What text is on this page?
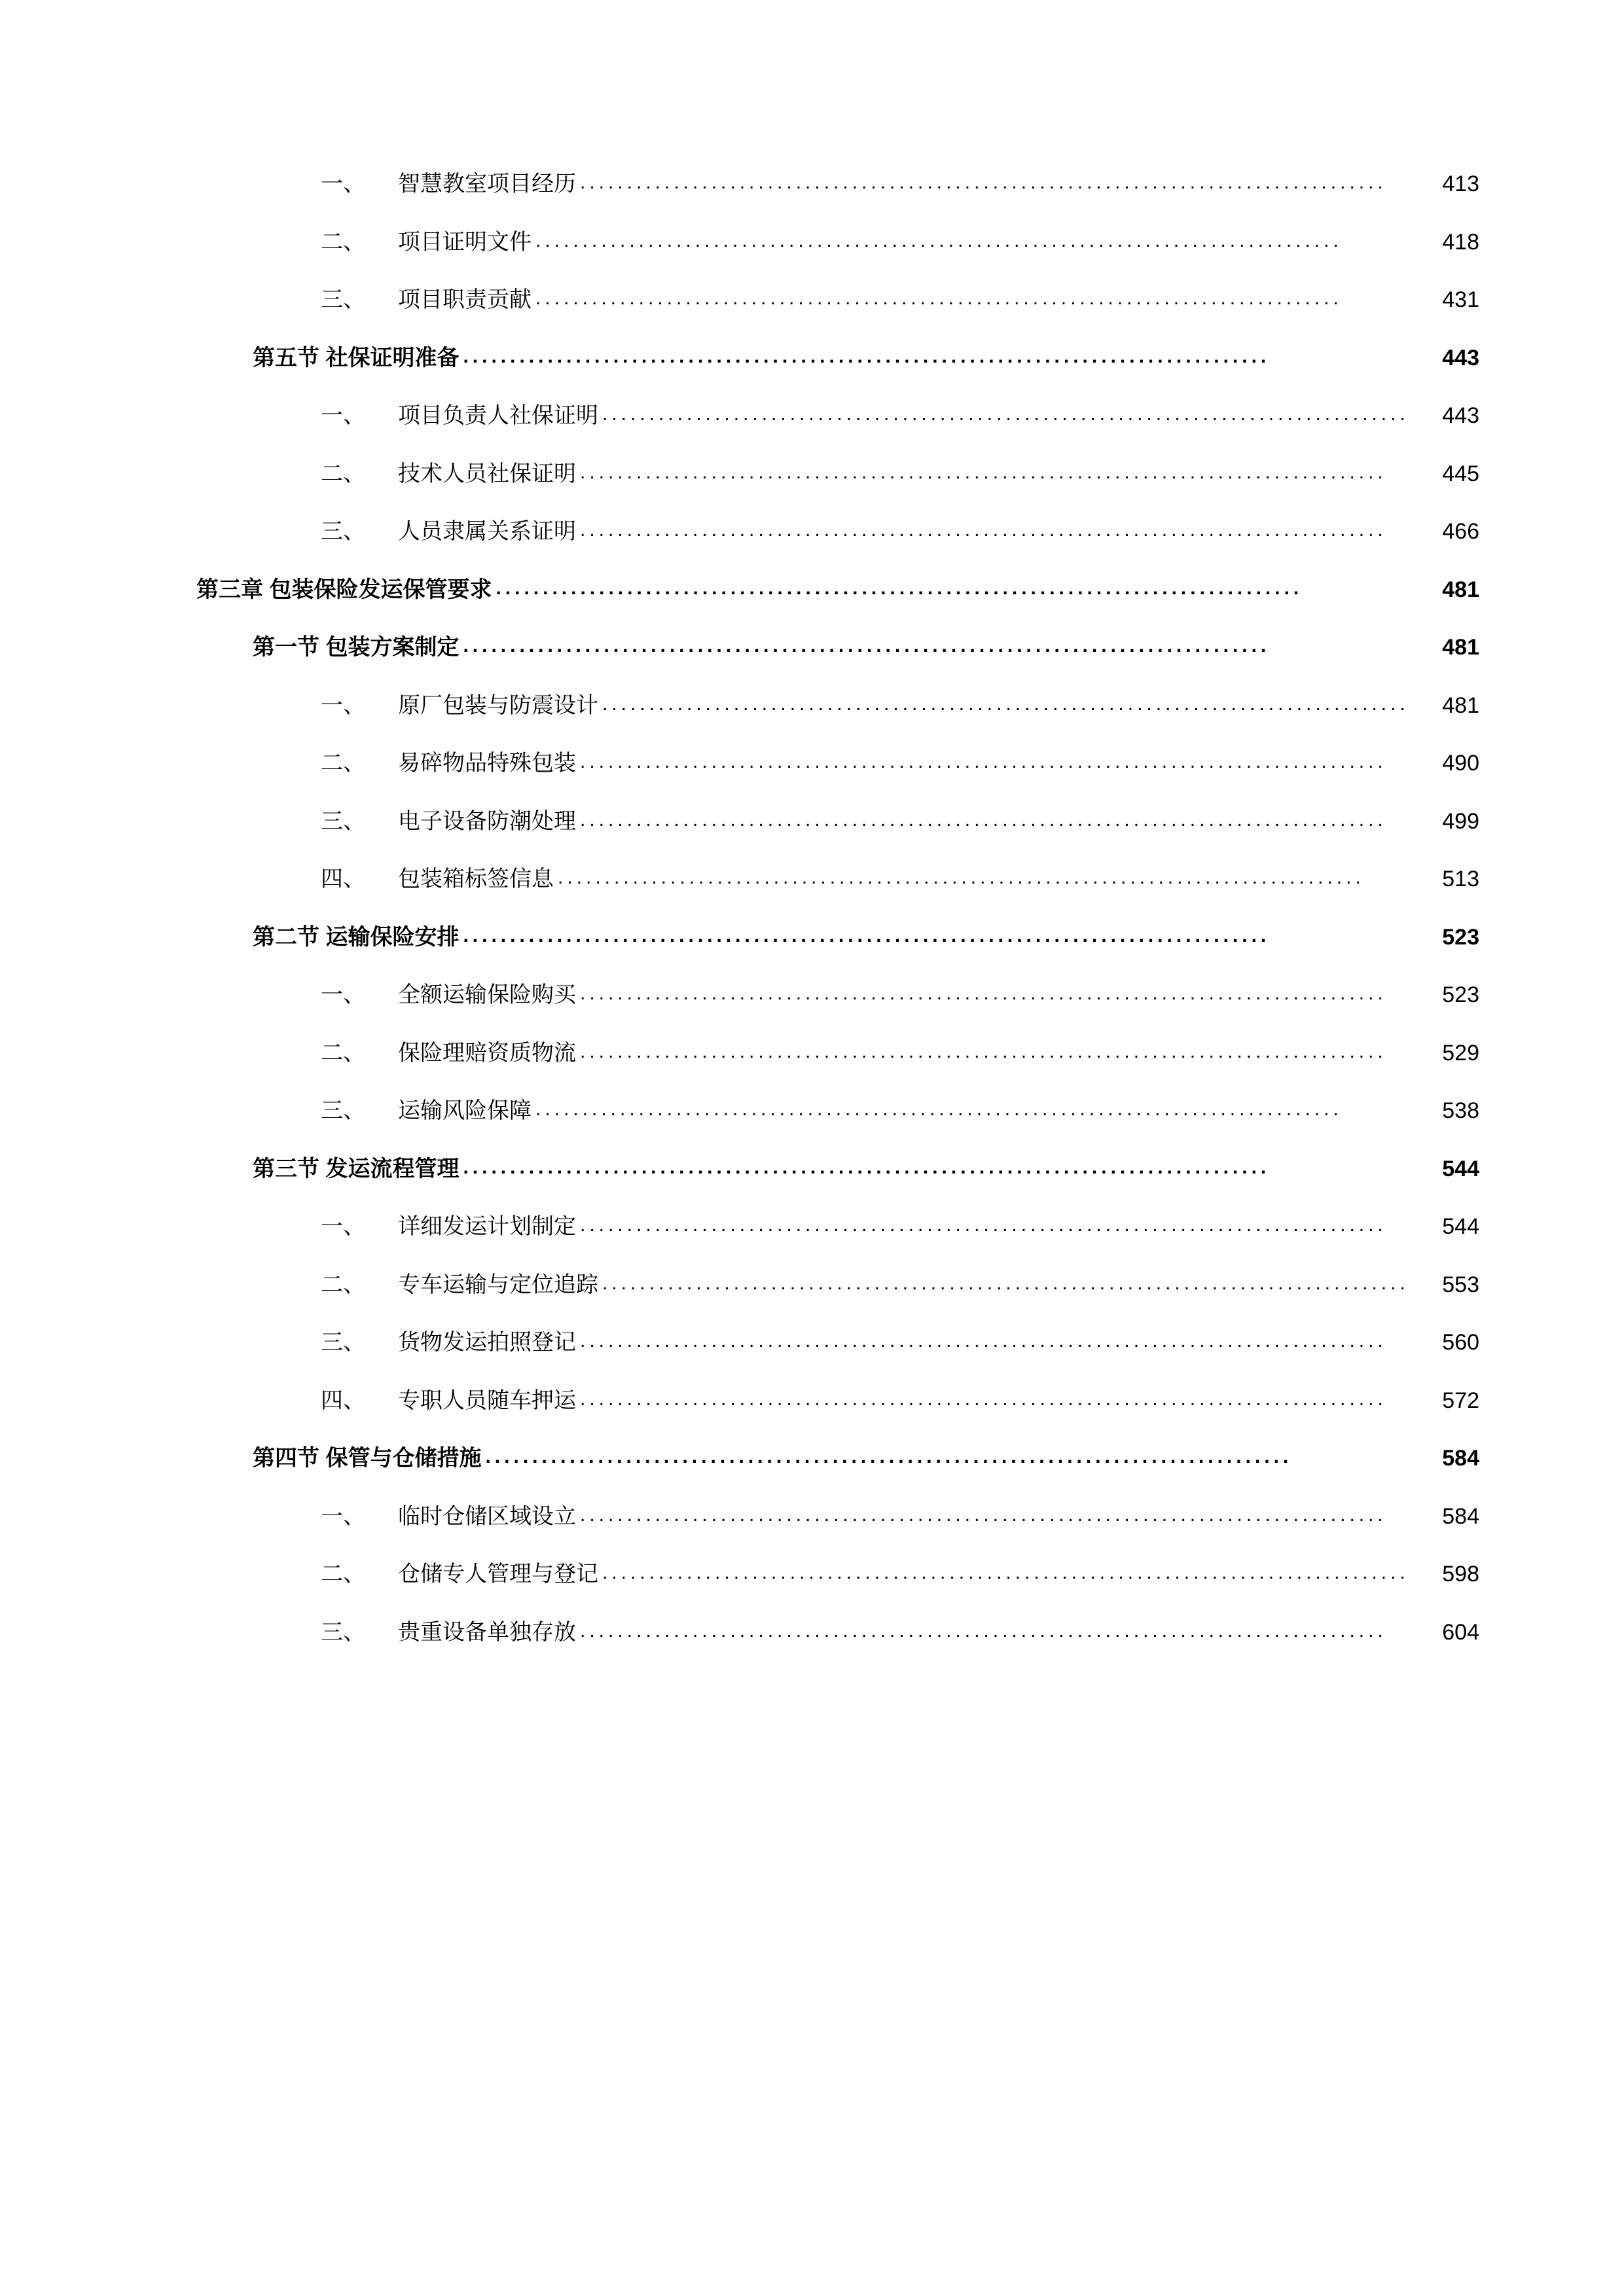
一、 智慧教室项目经历 ......................................................................................	413
二、 项目证明文件 ......................................................................................	418
三、 项目职责贡献 ......................................................................................	431
第五节 社保证明准备 ......................................................................................	443
一、 项目负责人社保证明 ......................................................................................	443
二、 技术人员社保证明 ......................................................................................	445
三、 人员隶属关系证明 ......................................................................................	466
第三章 包装保险发运保管要求 ......................................................................................	481
第一节 包装方案制定 ......................................................................................	481
一、 原厂包装与防震设计 ......................................................................................	481
二、 易碎物品特殊包装 ......................................................................................	490
三、 电子设备防潮处理 ......................................................................................	499
四、 包装箱标签信息 ......................................................................................	513
第二节 运输保险安排 ......................................................................................	523
一、 全额运输保险购买 ......................................................................................	523
二、 保险理赔资质物流 ......................................................................................	529
三、 运输风险保障 ......................................................................................	538
第三节 发运流程管理 ......................................................................................	544
一、 详细发运计划制定 ......................................................................................	544
二、 专车运输与定位追踪 ......................................................................................	553
三、 货物发运拍照登记 ......................................................................................	560
四、 专职人员随车押运 ......................................................................................	572
第四节 保管与仓储措施 ......................................................................................	584
一、 临时仓储区域设立 ......................................................................................	584
二、 仓储专人管理与登记 ......................................................................................	598
三、 贵重设备单独存放 ......................................................................................	604
